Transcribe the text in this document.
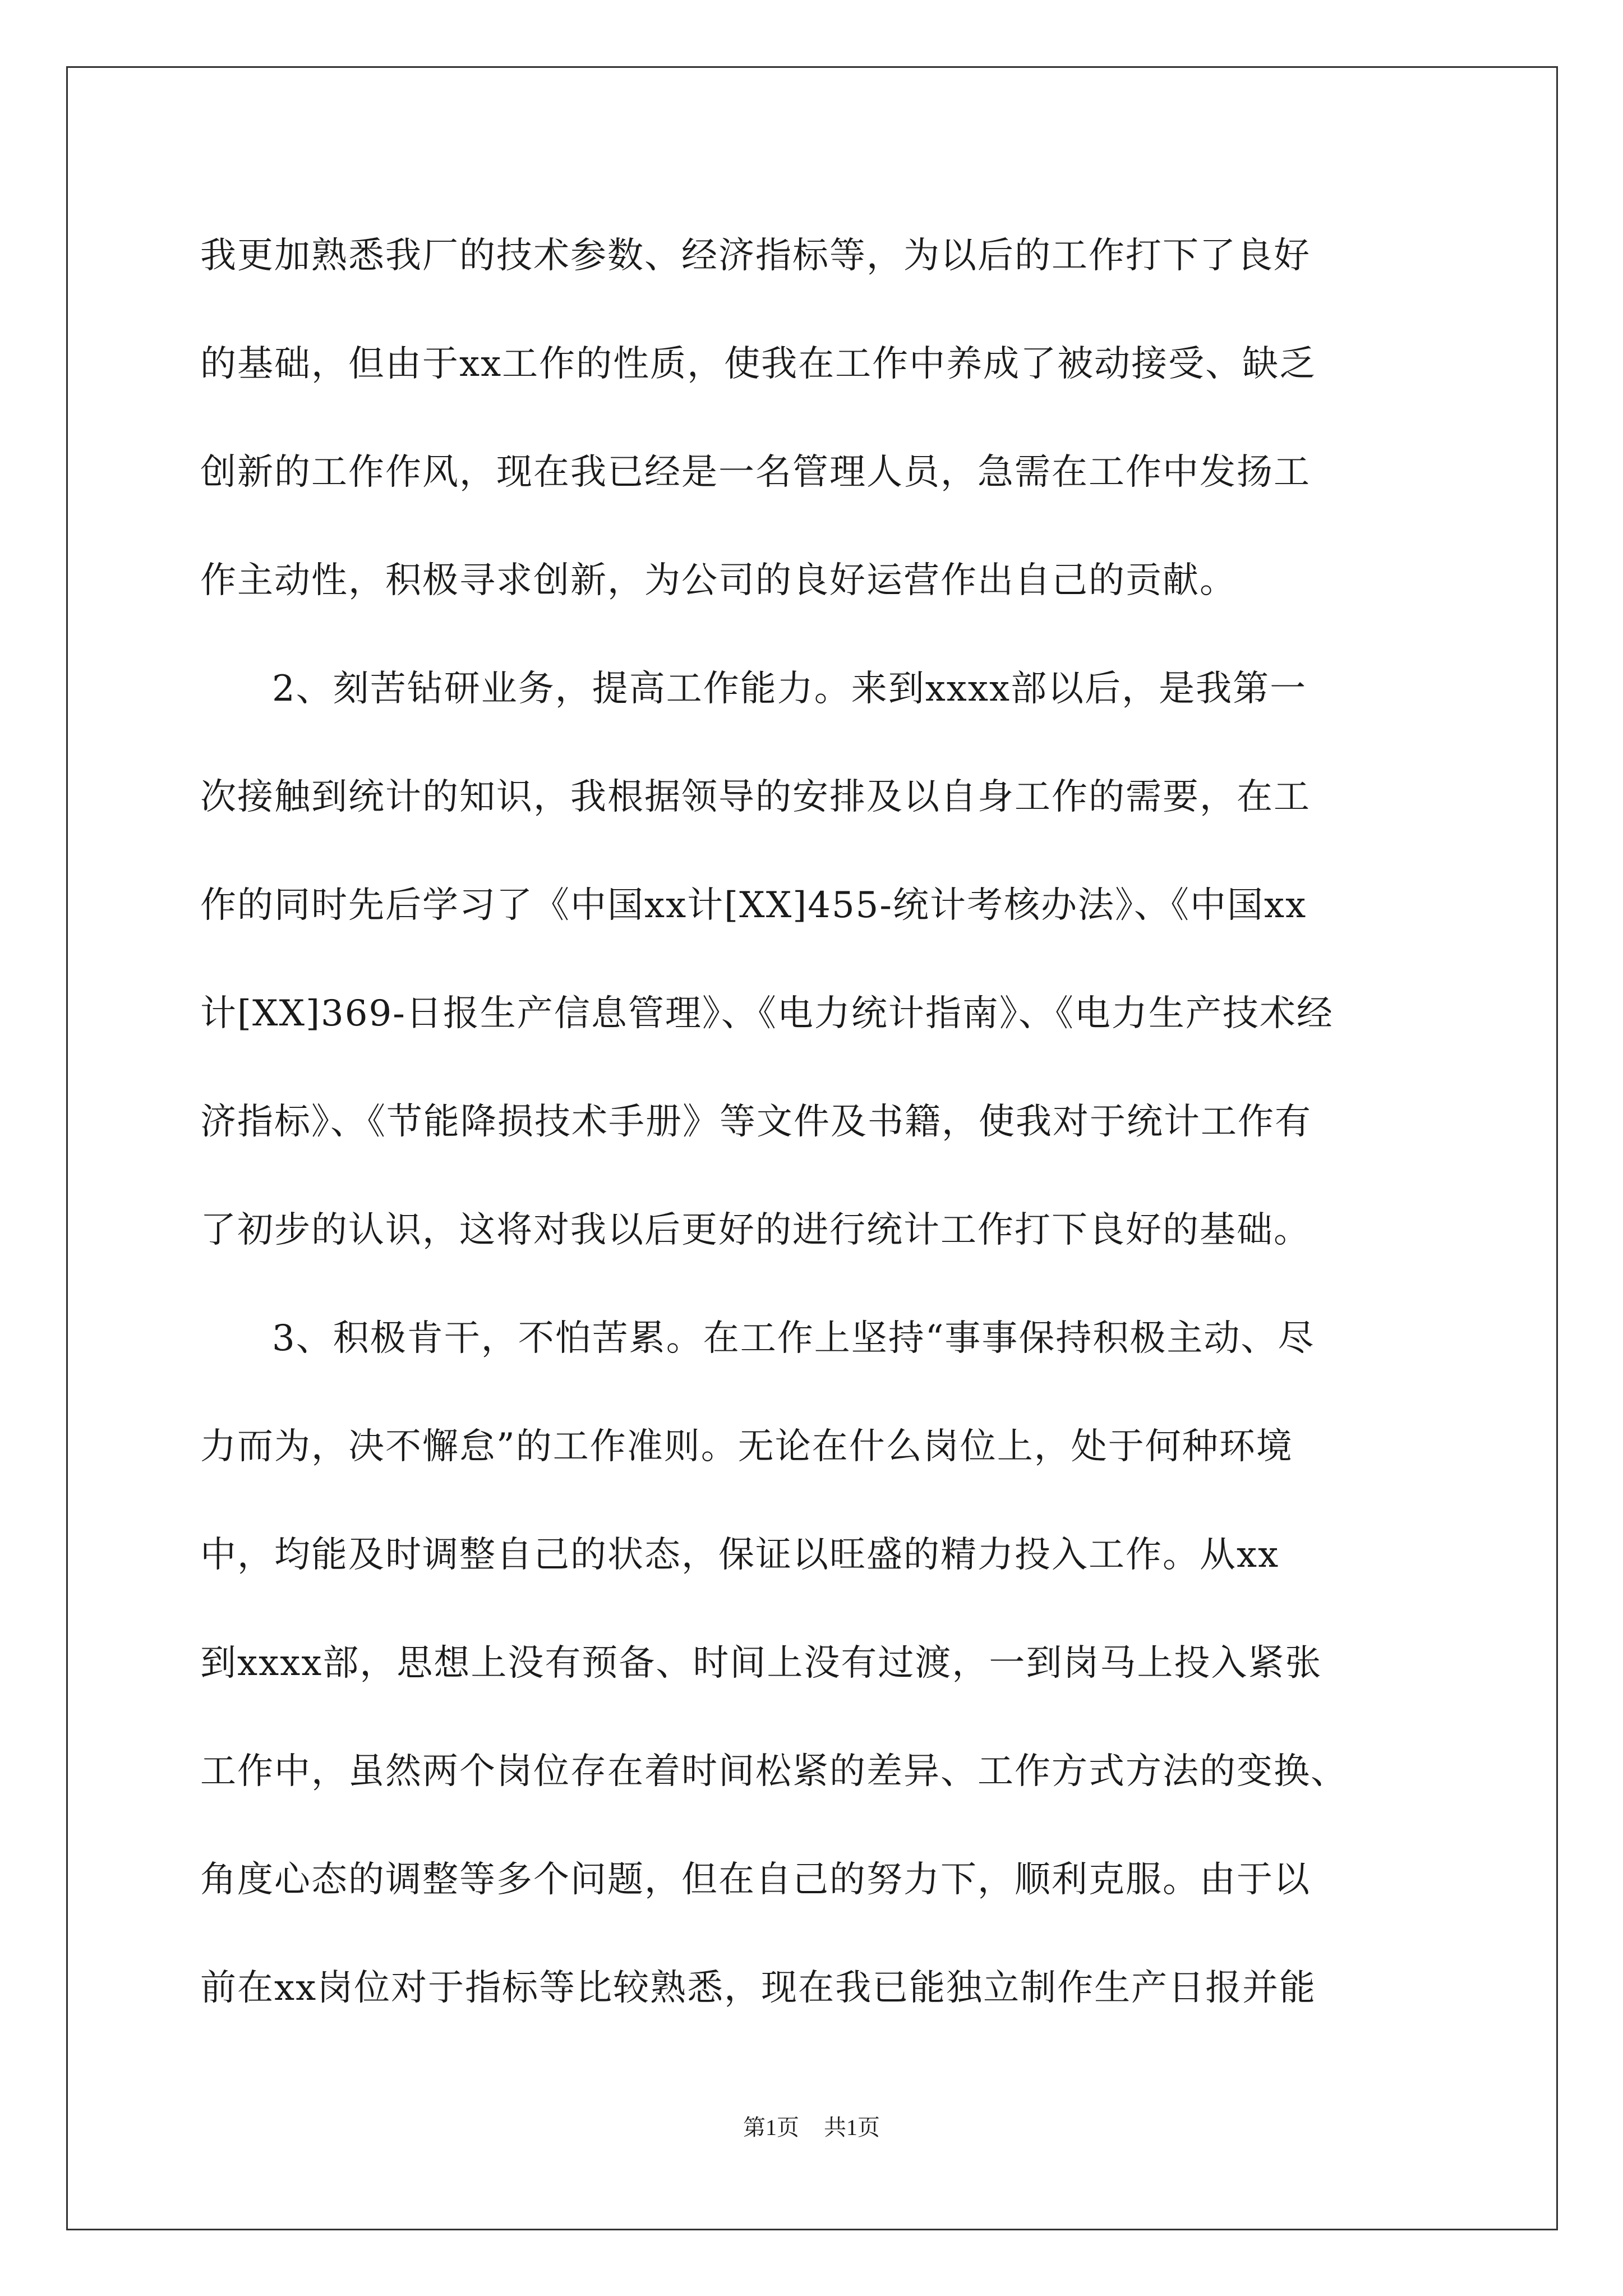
我更加熟悉我厂的技术参数、经济指标等，为以后的工作打下了良好
的基础，但由于xx工作的性质，使我在工作中养成了被动接受、缺乏
创新的工作作风，现在我已经是一名管理人员，急需在工作中发扬工
作主动性，积极寻求创新，为公司的良好运营作出自己的贡献。
2、刻苦钻研业务，提高工作能力。来到xxxx部以后，是我第一
次接触到统计的知识，我根据领导的安排及以自身工作的需要，在工
作的同时先后学习了《中国xx计[XX]455-统计考核办法》、《中国xx
计[XX]369-日报生产信息管理》、《电力统计指南》、《电力生产技术经
济指标》、《节能降损技术手册》等文件及书籍，使我对于统计工作有
了初步的认识，这将对我以后更好的进行统计工作打下良好的基础。
3、积极肯干，不怕苦累。在工作上坚持“事事保持积极主动、尽
力而为，决不懈怠”的工作准则。无论在什么岗位上，处于何种环境
中，均能及时调整自己的状态，保证以旺盛的精力投入工作。从xx
到xxxx部，思想上没有预备、时间上没有过渡，一到岗马上投入紧张
工作中，虽然两个岗位存在着时间松紧的差异、工作方式方法的变换、
角度心态的调整等多个问题，但在自己的努力下，顺利克服。由于以
前在xx岗位对于指标等比较熟悉，现在我已能独立制作生产日报并能
第1页 共1页
